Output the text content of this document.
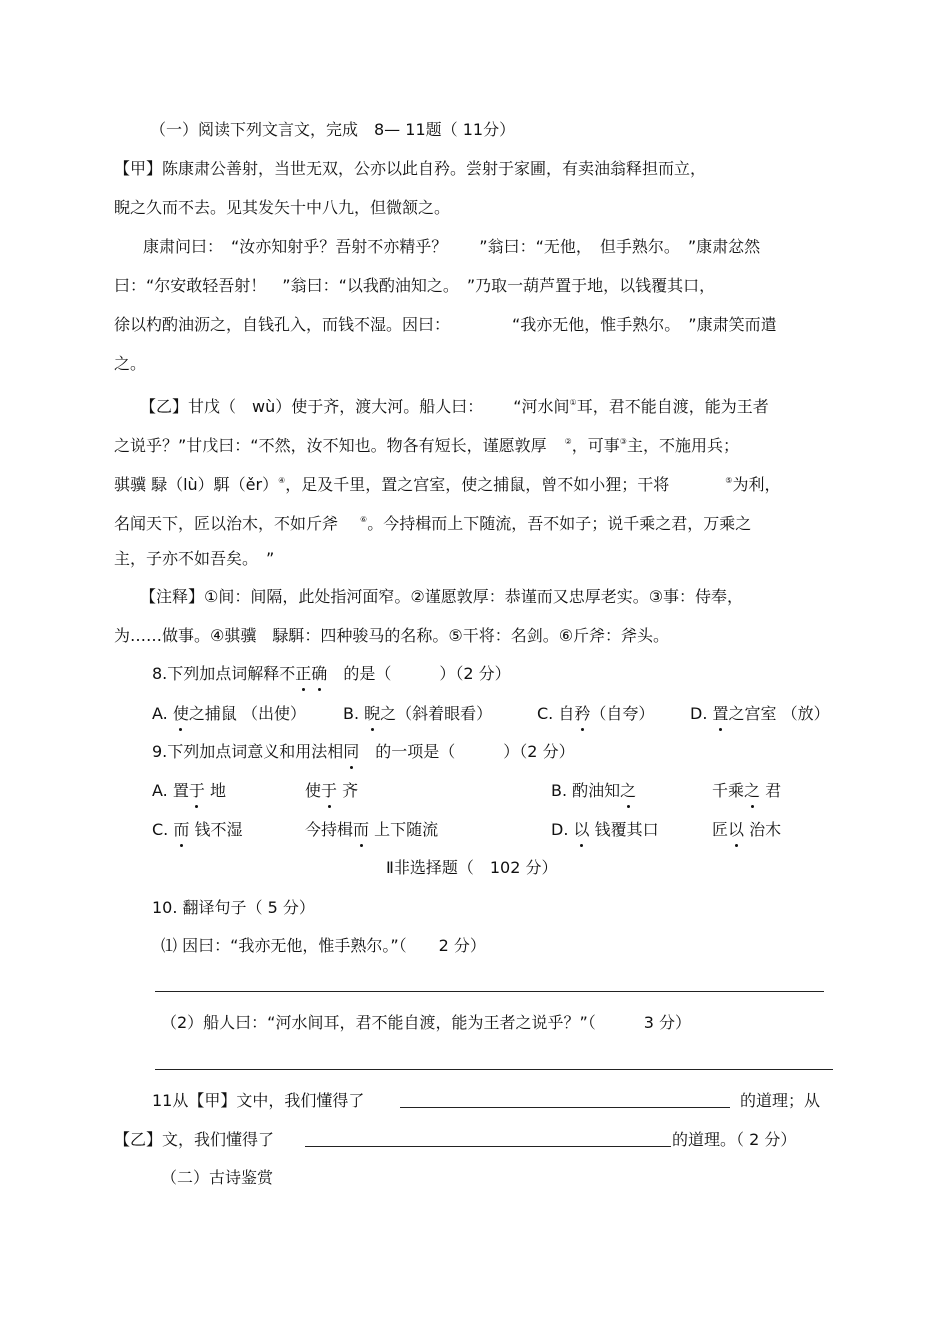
（一）阅读下列文言文，完成　8— 11题（ 11分）
【甲】陈康肃公善射，当世无双，公亦以此自矜。尝射于家圃，有卖油翁释担而立，
睨之久而不去。见其发矢十中八九，但微颔之。
康肃问曰：　“汝亦知射乎？吾射不亦精乎？　　”翁曰：“无他，　但手熟尔。　”康肃忿然
曰：“尔安敢轻吾射！　”翁曰：“以我酌油知之。　”乃取一葫芦置于地，以钱覆其口，
徐以杓酌油沥之，自钱孔入，而钱不湿。因曰：	“我亦无他，惟手熟尔。　”康肃笑而遣
之。
【乙】甘戊（　wù）使于齐，渡大河。船人曰： “河水间①耳，君不能自渡，能为王者
之说乎？”甘戊曰：“不然，汝不知也。物各有短长，谨愿敦厚 ②，可事③主，不施用兵；
骐骥 騄（lù）駬（ěr）④，足及千里，置之宫室，使之捕鼠，曾不如小狸；干将	⑤为利，
名闻天下，匠以治木，不如斤斧	⑥。今持楫而上下随流，吾不如子；说千乘之君，万乘之
主，子亦不如吾矣。　”
【注释】①间：间隔，此处指河面窄。②谨愿敦厚：恭谨而又忠厚老实。③事：侍奉，
为……做事。④骐骥　騄駬：四种骏马的名称。⑤干将：名剑。⑥斤斧：斧头。
8.下列加点词解释不正确 的是（　　　）（2 分）
A. 使之捕鼠 （出使） B. 睨之（斜着眼看）	C. 自矜（自夸） D. 置之宫室 （放）
9.下列加点词意义和用法相同 的一项是（　　　）（2 分）
A. 置于 地	使于 齐	B. 酌油知之	千乘之 君
C. 而 钱不湿	今持楫而 上下随流	D. 以 钱覆其口	匠以 治木
Ⅱ非选择题（　102 分）
10. 翻译句子（ 5 分）
⑴ 因曰：“我亦无他，惟手熟尔。”（　　2 分）
（2）船人曰：“河水间耳，君不能自渡，能为王者之说乎？”（　　　3 分）
11从【甲】文中，我们懂得了	的道理；从
【乙】文，我们懂得了	的道理。（ 2 分）
（二）古诗鉴赏
